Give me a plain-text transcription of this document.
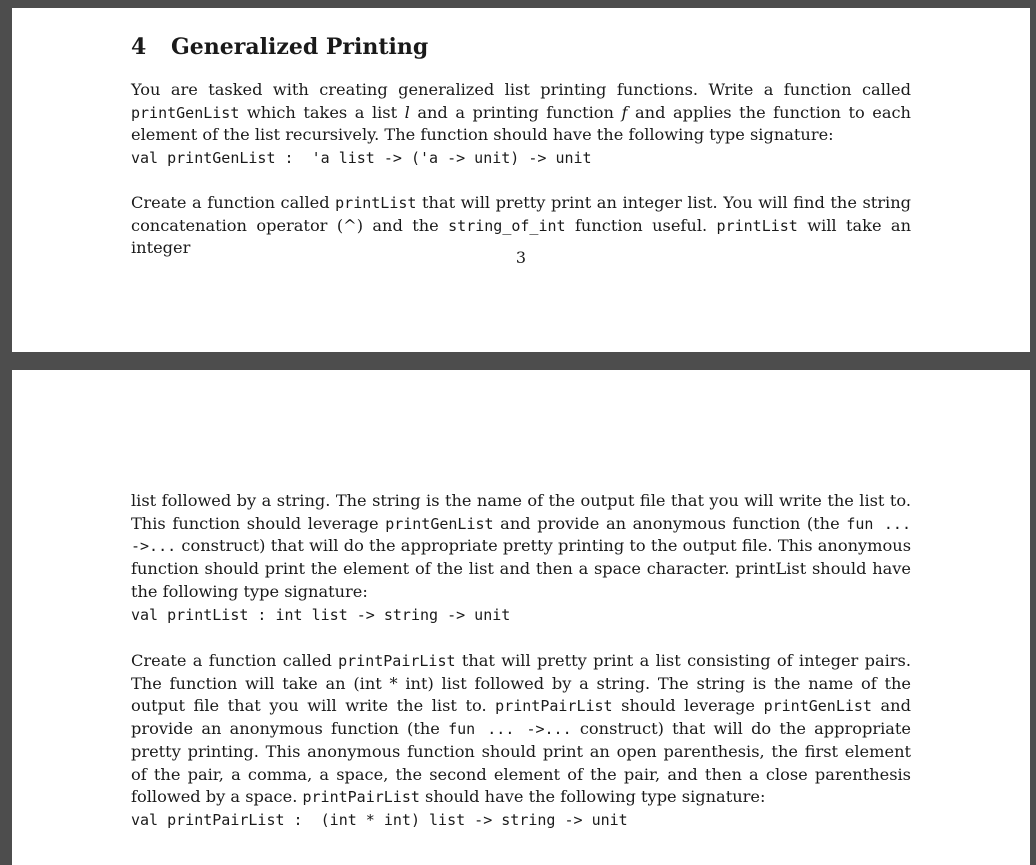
4 Generalized Printing

You are tasked with creating generalized list printing functions. Write a function called printGenList which takes a list l and a printing function f and applies the function to each element of the list recursively. The function should have the following type signature:

val printGenList :  'a list -> ('a -> unit) -> unit

Create a function called printList that will pretty print an integer list. You will find the string concatenation operator (^) and the string_of_int function useful. printList will take an integer

3

list followed by a string. The string is the name of the output file that you will write the list to. This function should leverage printGenList and provide an anonymous function (the fun ... ->... construct) that will do the appropriate pretty printing to the output file. This anonymous function should print the element of the list and then a space character. printList should have the following type signature:

val printList : int list -> string -> unit

Create a function called printPairList that will pretty print a list consisting of integer pairs. The function will take an (int * int) list followed by a string. The string is the name of the output file that you will write the list to. printPairList should leverage printGenList and provide an anonymous function (the fun ... ->... construct) that will do the appropriate pretty printing. This anonymous function should print an open parenthesis, the first element of the pair, a comma, a space, the second element of the pair, and then a close parenthesis followed by a space. printPairList should have the following type signature:

val printPairList :  (int * int) list -> string -> unit
